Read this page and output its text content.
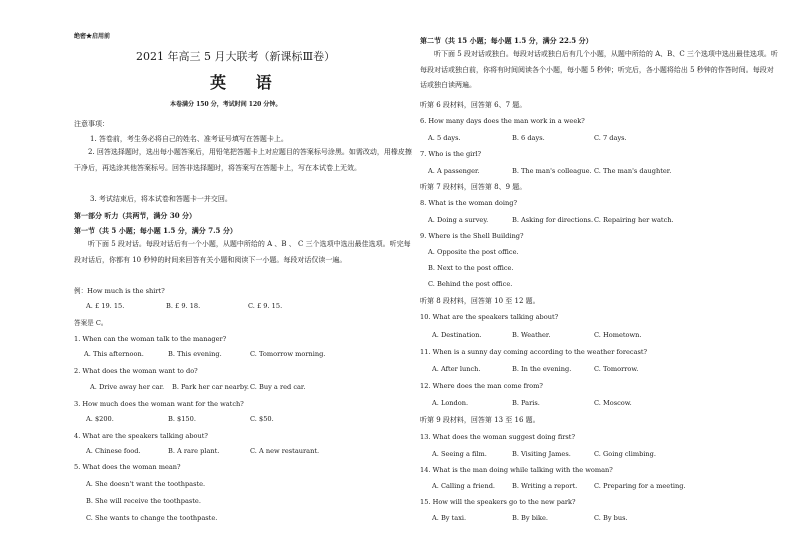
绝密★启用前
2021 年高三 5 月大联考（新课标Ⅲ卷）
英 语
本卷满分 150 分，考试时间 120 分钟。
注意事项：
1. 答卷前，考生务必将自己的姓名、准考证号填写在答题卡上。
2. 回答选择题时，选出每小题答案后，用铅笔把答题卡上对应题目的答案标号涂黑。如需改动，用橡皮擦干净后，再选涂其他答案标号。回答非选择题时，将答案写在答题卡上，写在本试卷上无效。
3. 考试结束后，将本试卷和答题卡一并交回。
第一部分 听力（共两节，满分 30 分）
第一节（共 5 小题；每小题 1.5 分，满分 7.5 分）
听下面 5 段对话。每段对话后有一个小题，从题中所给的 A 、B 、 C 三个选项中选出最佳选项。听完每段对话后，你都有 10 秒钟的时间来回答有关小题和阅读下一小题。每段对话仅读一遍。
例：How much is the shirt?
A. £ 19. 15.	B. £ 9. 18.	C. £ 9. 15.
答案是 C。
1. When can the woman talk to the manager?
A. This afternoon.	B. This evening.	C. Tomorrow morning.
2. What does the woman want to do?
A. Drive away her car. B. Park her car nearby. C. Buy a red car.
3. How much does the woman want for the watch?
A. $200.	B. $150.	C. $50.
4. What are the speakers talking about?
A. Chinese food.	B. A rare plant.	C. A new restaurant.
5. What does the woman mean?
A. She doesn't want the toothpaste.
B. She will receive the toothpaste.
C. She wants to change the toothpaste.
第二节（共 15 小题；每小题 1.5 分，满分 22.5 分）
听下面 5 段对话或独白。每段对话或独白后有几个小题，从题中所给的 A、B、C 三个选项中选出最佳选项。听每段对话或独白前，你将有时间阅读各个小题，每小题 5 秒钟；听完后，各小题将给出 5 秒钟的作答时间。每段对话或独白读两遍。
听第 6 段材料，回答第 6、7 题。
6. How many days does the man work in a week?
A. 5 days.	B. 6 days.	C. 7 days.
7. Who is the girl?
A. A passenger.	B. The man's colleague. C. The man's daughter.
听第 7 段材料，回答第 8、9 题。
8. What is the woman doing?
A. Doing a survey.	B. Asking for directions. C. Repairing her watch.
9. Where is the Shell Building?
A. Opposite the post office.
B. Next to the post office.
C. Behind the post office.
听第 8 段材料，回答第 10 至 12 题。
10. What are the speakers talking about?
A. Destination.	B. Weather.	C. Hometown.
11. When is a sunny day coming according to the weather forecast?
A. After lunch.	B. In the evening.	C. Tomorrow.
12. Where does the man come from?
A. London.	B. Paris.	C. Moscow.
听第 9 段材料，回答第 13 至 16 题。
13. What does the woman suggest doing first?
A. Seeing a film.	B. Visiting James.	C. Going climbing.
14. What is the man doing while talking with the woman?
A. Calling a friend.	B. Writing a report.	C. Preparing for a meeting.
15. How will the speakers go to the new park?
A. By taxi.	B. By bike.	C. By bus.
